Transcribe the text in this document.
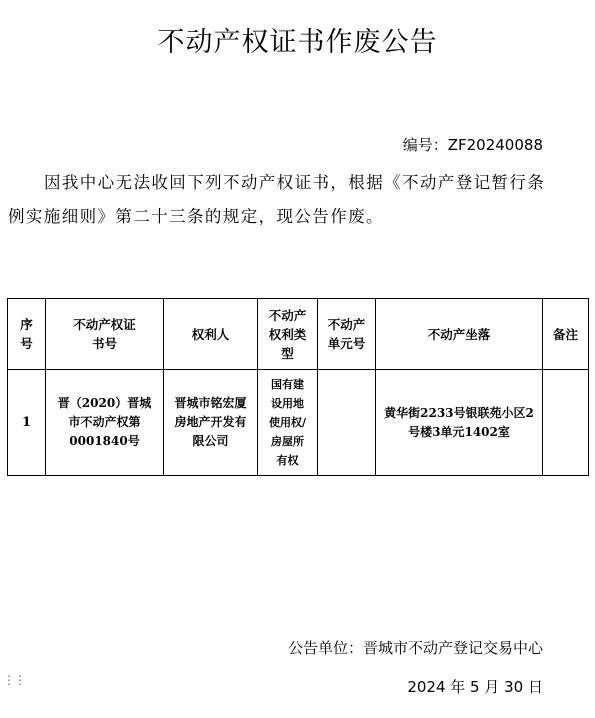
不动产权证书作废公告
编号：ZF20240088
因我中心无法收回下列不动产权证书，根据《不动产登记暂行条例实施细则》第二十三条的规定，现公告作废。
序号	不动产权证书号	权利人	不动产权利类型	不动产单元号	不动产坐落	备注
1	晋（2020）晋城市不动产权第0001840号	晋城市铭宏厦房地产开发有限公司	国有建设用地使用权/房屋所有权		黄华街2233号银联苑小区2号楼3单元1402室	
公告单位：晋城市不动产登记交易中心
2024 年 5 月 30 日
⋮⋮
